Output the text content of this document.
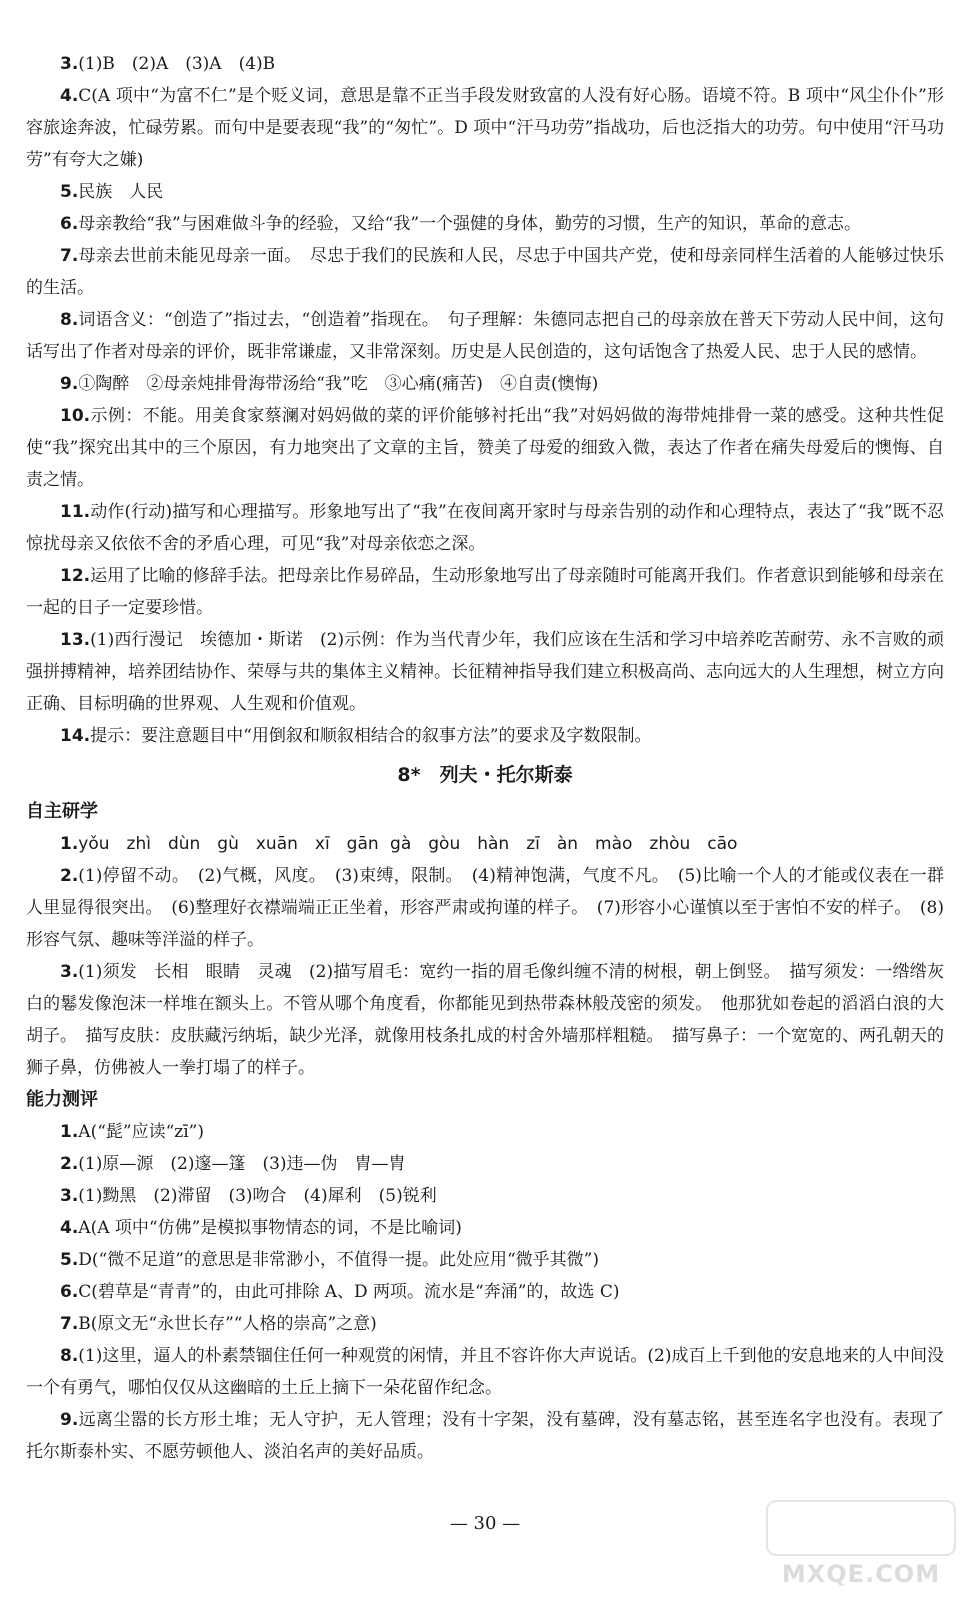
3.(1)B　(2)A　(3)A　(4)B

4.C(A 项中“为富不仁”是个贬义词，意思是靠不正当手段发财致富的人没有好心肠。语境不符。B 项中“风尘仆仆”形容旅途奔波，忙碌劳累。而句中是要表现“我”的“匆忙”。D 项中“汗马功劳”指战功，后也泛指大的功劳。句中使用“汗马功劳”有夸大之嫌)

5.民族　人民

6.母亲教给“我”与困难做斗争的经验，又给“我”一个强健的身体，勤劳的习惯，生产的知识，革命的意志。

7.母亲去世前未能见母亲一面。　尽忠于我们的民族和人民，尽忠于中国共产党，使和母亲同样生活着的人能够过快乐的生活。

8.词语含义：“创造了”指过去，“创造着”指现在。　句子理解：朱德同志把自己的母亲放在普天下劳动人民中间，这句话写出了作者对母亲的评价，既非常谦虚，又非常深刻。历史是人民创造的，这句话饱含了热爱人民、忠于人民的感情。

9.①陶醉　②母亲炖排骨海带汤给“我”吃　③心痛(痛苦)　④自责(懊悔)

10.示例：不能。用美食家蔡澜对妈妈做的菜的评价能够衬托出“我”对妈妈做的海带炖排骨一菜的感受。这种共性促使“我”探究出其中的三个原因，有力地突出了文章的主旨，赞美了母爱的细致入微，表达了作者在痛失母爱后的懊悔、自责之情。

11.动作(行动)描写和心理描写。形象地写出了“我”在夜间离开家时与母亲告别的动作和心理特点，表达了“我”既不忍惊扰母亲又依依不舍的矛盾心理，可见“我”对母亲依恋之深。

12.运用了比喻的修辞手法。把母亲比作易碎品，生动形象地写出了母亲随时可能离开我们。作者意识到能够和母亲在一起的日子一定要珍惜。

13.(1)西行漫记　埃德加・斯诺　(2)示例：作为当代青少年，我们应该在生活和学习中培养吃苦耐劳、永不言败的顽强拼搏精神，培养团结协作、荣辱与共的集体主义精神。长征精神指导我们建立积极高尚、志向远大的人生理想，树立方向正确、目标明确的世界观、人生观和价值观。

14.提示：要注意题目中“用倒叙和顺叙相结合的叙事方法”的要求及字数限制。

8*　列夫・托尔斯泰
自主研学

1.yǒu　zhì　dùn　gù　xuān　xī　gān gà　gòu　hàn　zī　àn　mào　zhòu　cāo

2.(1)停留不动。　(2)气概，风度。　(3)束缚，限制。　(4)精神饱满，气度不凡。　(5)比喻一个人的才能或仪表在一群人里显得很突出。　(6)整理好衣襟端端正正坐着，形容严肃或拘谨的样子。　(7)形容小心谨慎以至于害怕不安的样子。　(8)形容气氛、趣味等洋溢的样子。

3.(1)须发　长相　眼睛　灵魂　(2)描写眉毛：宽约一指的眉毛像纠缠不清的树根，朝上倒竖。　描写须发：一绺绺灰白的鬈发像泡沫一样堆在额头上。不管从哪个角度看，你都能见到热带森林般茂密的须发。　他那犹如卷起的滔滔白浪的大胡子。　描写皮肤：皮肤藏污纳垢，缺少光泽，就像用枝条扎成的村舍外墙那样粗糙。　描写鼻子：一个宽宽的、两孔朝天的狮子鼻，仿佛被人一拳打塌了的样子。

能力测评

1.A(“髭”应读“zī”)

2.(1)原—源　(2)邃—篷　(3)违—伪　胄—胄

3.(1)黝黑　(2)滞留　(3)吻合　(4)犀利　(5)锐利

4.A(A 项中“仿佛”是模拟事物情态的词，不是比喻词)

5.D(“微不足道”的意思是非常渺小，不值得一提。此处应用“微乎其微”)

6.C(碧草是“青青”的，由此可排除 A、D 两项。流水是“奔涌”的，故选 C)

7.B(原文无“永世长存”“人格的崇高”之意)

8.(1)这里，逼人的朴素禁锢住任何一种观赏的闲情，并且不容许你大声说话。(2)成百上千到他的安息地来的人中间没一个有勇气，哪怕仅仅从这幽暗的土丘上摘下一朵花留作纪念。

9.远离尘嚣的长方形土堆；无人守护，无人管理；没有十字架，没有墓碑，没有墓志铭，甚至连名字也没有。表现了托尔斯泰朴实、不愿劳顿他人、淡泊名声的美好品质。

— 30 —
MXQE.COM
